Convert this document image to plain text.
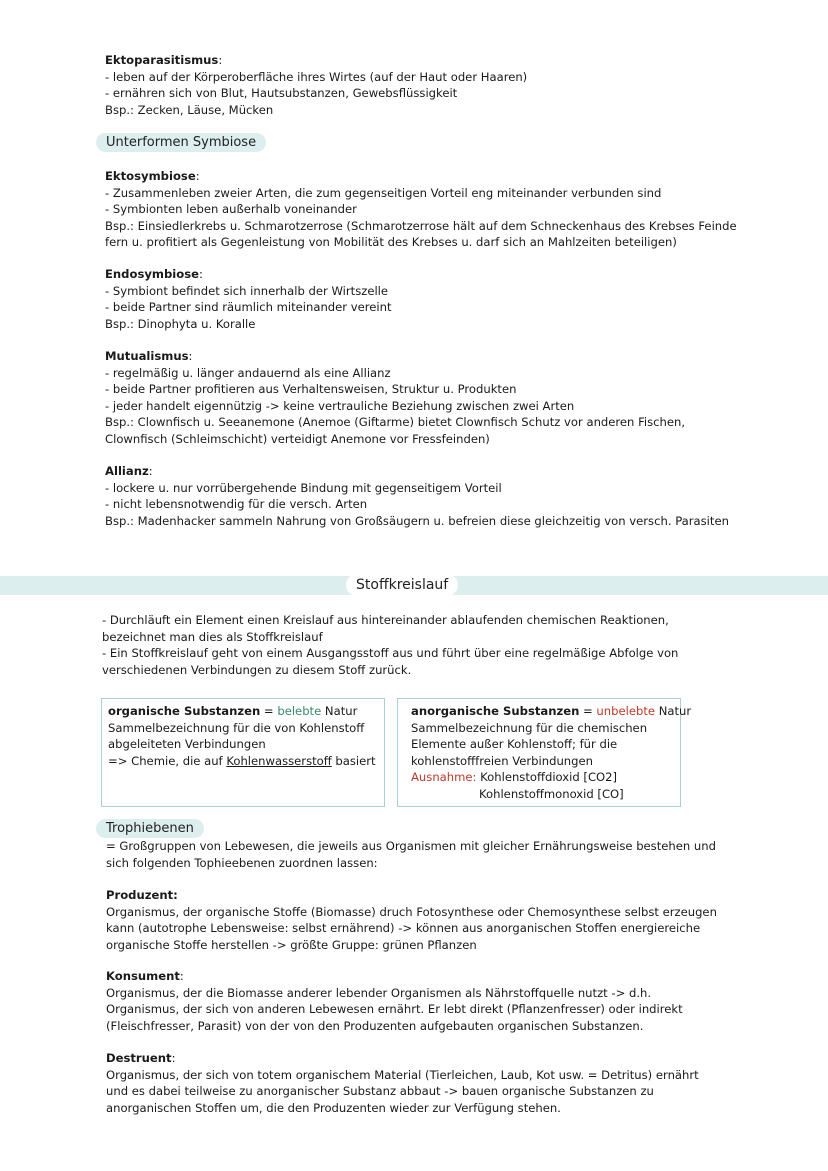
Ektoparasitismus:
- leben auf der Körperoberfläche ihres Wirtes (auf der Haut oder Haaren)
- ernähren sich von Blut, Hautsubstanzen, Gewebsflüssigkeit
Bsp.: Zecken, Läuse, Mücken
Unterformen Symbiose
Ektosymbiose:
- Zusammenleben zweier Arten, die zum gegenseitigen Vorteil eng miteinander verbunden sind
- Symbionten leben außerhalb voneinander
Bsp.: Einsiedlerkrebs u. Schmarotzerrose (Schmarotzerrose hält auf dem Schneckenhaus des Krebses Feinde
fern u. profitiert als Gegenleistung von Mobilität des Krebses u. darf sich an Mahlzeiten beteiligen)
Endosymbiose:
- Symbiont befindet sich innerhalb der Wirtszelle
- beide Partner sind räumlich miteinander vereint
Bsp.: Dinophyta u. Koralle
Mutualismus:
- regelmäßig u. länger andauernd als eine Allianz
- beide Partner profitieren aus Verhaltensweisen, Struktur u. Produkten
- jeder handelt eigennützig -> keine vertrauliche Beziehung zwischen zwei Arten
Bsp.: Clownfisch u. Seeanemone (Anemoe (Giftarme) bietet Clownfisch Schutz vor anderen Fischen,
Clownfisch (Schleimschicht) verteidigt Anemone vor Fressfeinden)
Allianz:
- lockere u. nur vorrübergehende Bindung mit gegenseitigem Vorteil
- nicht lebensnotwendig für die versch. Arten
Bsp.: Madenhacker sammeln Nahrung von Großsäugern u. befreien diese gleichzeitig von versch. Parasiten
Stoffkreislauf
- Durchläuft ein Element einen Kreislauf aus hintereinander ablaufenden chemischen Reaktionen,
bezeichnet man dies als Stoffkreislauf
- Ein Stoffkreislauf geht von einem Ausgangsstoff aus und führt über eine regelmäßige Abfolge von
verschiedenen Verbindungen zu diesem Stoff zurück.
organische Substanzen = belebte Natur
Sammelbezeichnung für die von Kohlenstoff
abgeleiteten Verbindungen
=> Chemie, die auf Kohlenwasserstoff basiert
anorganische Substanzen = unbelebte Natur
Sammelbezeichnung für die chemischen
Elemente außer Kohlenstoff; für die
kohlenstofffreien Verbindungen
Ausnahme: Kohlenstoffdioxid [CO2]
Kohlenstoffmonoxid [CO]
Trophiebenen
= Großgruppen von Lebewesen, die jeweils aus Organismen mit gleicher Ernährungsweise bestehen und
sich folgenden Tophieebenen zuordnen lassen:
Produzent:
Organismus, der organische Stoffe (Biomasse) druch Fotosynthese oder Chemosynthese selbst erzeugen
kann (autotrophe Lebensweise: selbst ernährend) -> können aus anorganischen Stoffen energiereiche
organische Stoffe herstellen -> größte Gruppe: grünen Pflanzen
Konsument:
Organismus, der die Biomasse anderer lebender Organismen als Nährstoffquelle nutzt -> d.h.
Organismus, der sich von anderen Lebewesen ernährt. Er lebt direkt (Pflanzenfresser) oder indirekt
(Fleischfresser, Parasit) von der von den Produzenten aufgebauten organischen Substanzen.
Destruent:
Organismus, der sich von totem organischem Material (Tierleichen, Laub, Kot usw. = Detritus) ernährt
und es dabei teilweise zu anorganischer Substanz abbaut -> bauen organische Substanzen zu
anorganischen Stoffen um, die den Produzenten wieder zur Verfügung stehen.
